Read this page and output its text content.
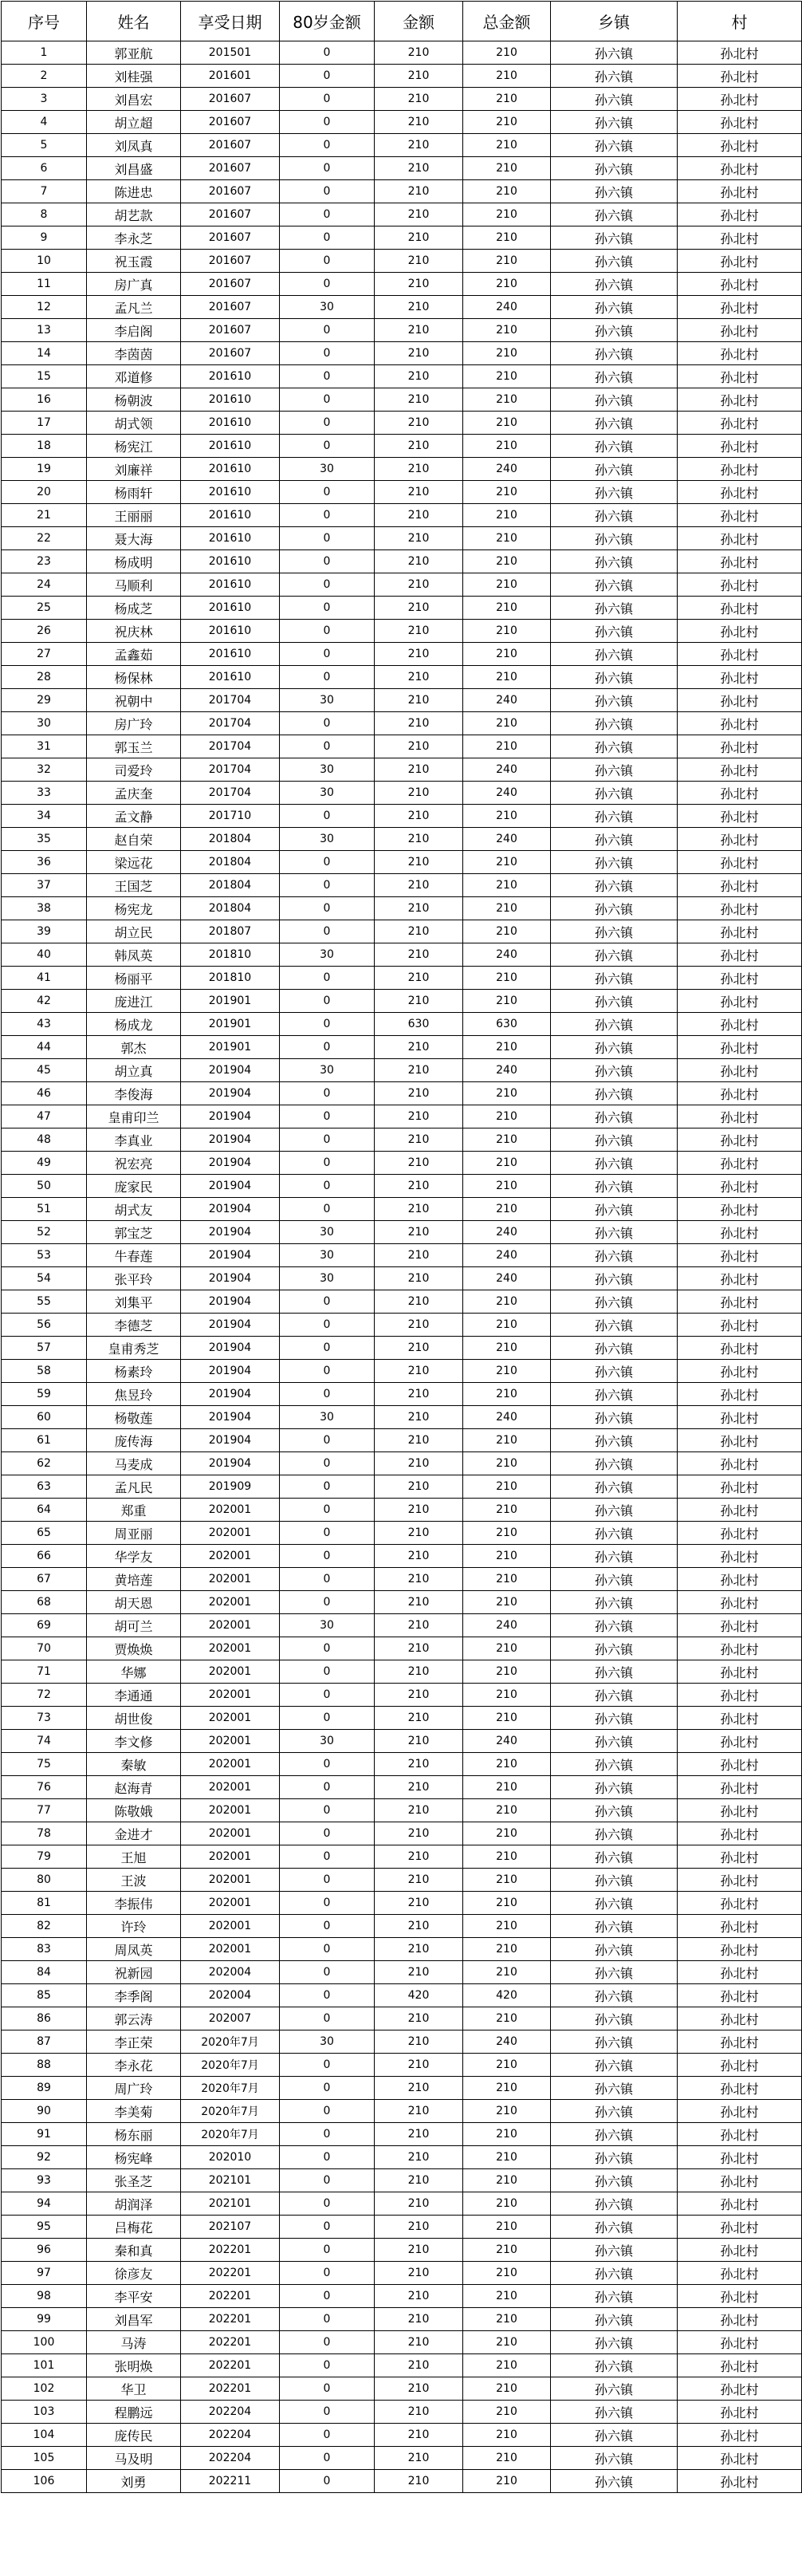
序号	姓名	享受日期	80岁金额	金额	总金额	乡镇	村
1	郭亚航	201501	0	210	210	孙六镇	孙北村
2	刘桂强	201601	0	210	210	孙六镇	孙北村
3	刘昌宏	201607	0	210	210	孙六镇	孙北村
4	胡立超	201607	0	210	210	孙六镇	孙北村
5	刘凤真	201607	0	210	210	孙六镇	孙北村
6	刘昌盛	201607	0	210	210	孙六镇	孙北村
7	陈进忠	201607	0	210	210	孙六镇	孙北村
8	胡艺款	201607	0	210	210	孙六镇	孙北村
9	李永芝	201607	0	210	210	孙六镇	孙北村
10	祝玉霞	201607	0	210	210	孙六镇	孙北村
11	房广真	201607	0	210	210	孙六镇	孙北村
12	孟凡兰	201607	30	210	240	孙六镇	孙北村
13	李启阁	201607	0	210	210	孙六镇	孙北村
14	李茵茵	201607	0	210	210	孙六镇	孙北村
15	邓道修	201610	0	210	210	孙六镇	孙北村
16	杨朝波	201610	0	210	210	孙六镇	孙北村
17	胡式领	201610	0	210	210	孙六镇	孙北村
18	杨宪江	201610	0	210	210	孙六镇	孙北村
19	刘廉祥	201610	30	210	240	孙六镇	孙北村
20	杨雨轩	201610	0	210	210	孙六镇	孙北村
21	王丽丽	201610	0	210	210	孙六镇	孙北村
22	聂大海	201610	0	210	210	孙六镇	孙北村
23	杨成明	201610	0	210	210	孙六镇	孙北村
24	马顺利	201610	0	210	210	孙六镇	孙北村
25	杨成芝	201610	0	210	210	孙六镇	孙北村
26	祝庆林	201610	0	210	210	孙六镇	孙北村
27	孟鑫茹	201610	0	210	210	孙六镇	孙北村
28	杨保林	201610	0	210	210	孙六镇	孙北村
29	祝朝中	201704	30	210	240	孙六镇	孙北村
30	房广玲	201704	0	210	210	孙六镇	孙北村
31	郭玉兰	201704	0	210	210	孙六镇	孙北村
32	司爱玲	201704	30	210	240	孙六镇	孙北村
33	孟庆奎	201704	30	210	240	孙六镇	孙北村
34	孟文静	201710	0	210	210	孙六镇	孙北村
35	赵自荣	201804	30	210	240	孙六镇	孙北村
36	梁远花	201804	0	210	210	孙六镇	孙北村
37	王国芝	201804	0	210	210	孙六镇	孙北村
38	杨宪龙	201804	0	210	210	孙六镇	孙北村
39	胡立民	201807	0	210	210	孙六镇	孙北村
40	韩凤英	201810	30	210	240	孙六镇	孙北村
41	杨丽平	201810	0	210	210	孙六镇	孙北村
42	庞进江	201901	0	210	210	孙六镇	孙北村
43	杨成龙	201901	0	630	630	孙六镇	孙北村
44	郭杰	201901	0	210	210	孙六镇	孙北村
45	胡立真	201904	30	210	240	孙六镇	孙北村
46	李俊海	201904	0	210	210	孙六镇	孙北村
47	皇甫印兰	201904	0	210	210	孙六镇	孙北村
48	李真业	201904	0	210	210	孙六镇	孙北村
49	祝宏亮	201904	0	210	210	孙六镇	孙北村
50	庞家民	201904	0	210	210	孙六镇	孙北村
51	胡式友	201904	0	210	210	孙六镇	孙北村
52	郭宝芝	201904	30	210	240	孙六镇	孙北村
53	牛春莲	201904	30	210	240	孙六镇	孙北村
54	张平玲	201904	30	210	240	孙六镇	孙北村
55	刘集平	201904	0	210	210	孙六镇	孙北村
56	李德芝	201904	0	210	210	孙六镇	孙北村
57	皇甫秀芝	201904	0	210	210	孙六镇	孙北村
58	杨素玲	201904	0	210	210	孙六镇	孙北村
59	焦昱玲	201904	0	210	210	孙六镇	孙北村
60	杨敬莲	201904	30	210	240	孙六镇	孙北村
61	庞传海	201904	0	210	210	孙六镇	孙北村
62	马麦成	201904	0	210	210	孙六镇	孙北村
63	孟凡民	201909	0	210	210	孙六镇	孙北村
64	郑重	202001	0	210	210	孙六镇	孙北村
65	周亚丽	202001	0	210	210	孙六镇	孙北村
66	华学友	202001	0	210	210	孙六镇	孙北村
67	黄培莲	202001	0	210	210	孙六镇	孙北村
68	胡天恩	202001	0	210	210	孙六镇	孙北村
69	胡可兰	202001	30	210	240	孙六镇	孙北村
70	贾焕焕	202001	0	210	210	孙六镇	孙北村
71	华娜	202001	0	210	210	孙六镇	孙北村
72	李通通	202001	0	210	210	孙六镇	孙北村
73	胡世俊	202001	0	210	210	孙六镇	孙北村
74	李文修	202001	30	210	240	孙六镇	孙北村
75	秦敏	202001	0	210	210	孙六镇	孙北村
76	赵海青	202001	0	210	210	孙六镇	孙北村
77	陈敬娥	202001	0	210	210	孙六镇	孙北村
78	金进才	202001	0	210	210	孙六镇	孙北村
79	王旭	202001	0	210	210	孙六镇	孙北村
80	王波	202001	0	210	210	孙六镇	孙北村
81	李振伟	202001	0	210	210	孙六镇	孙北村
82	许玲	202001	0	210	210	孙六镇	孙北村
83	周凤英	202001	0	210	210	孙六镇	孙北村
84	祝新园	202004	0	210	210	孙六镇	孙北村
85	李季阁	202004	0	420	420	孙六镇	孙北村
86	郭云涛	202007	0	210	210	孙六镇	孙北村
87	李正荣	2020年7月	30	210	240	孙六镇	孙北村
88	李永花	2020年7月	0	210	210	孙六镇	孙北村
89	周广玲	2020年7月	0	210	210	孙六镇	孙北村
90	李美菊	2020年7月	0	210	210	孙六镇	孙北村
91	杨东丽	2020年7月	0	210	210	孙六镇	孙北村
92	杨宪峰	202010	0	210	210	孙六镇	孙北村
93	张圣芝	202101	0	210	210	孙六镇	孙北村
94	胡润泽	202101	0	210	210	孙六镇	孙北村
95	吕梅花	202107	0	210	210	孙六镇	孙北村
96	秦和真	202201	0	210	210	孙六镇	孙北村
97	徐彦友	202201	0	210	210	孙六镇	孙北村
98	李平安	202201	0	210	210	孙六镇	孙北村
99	刘昌军	202201	0	210	210	孙六镇	孙北村
100	马涛	202201	0	210	210	孙六镇	孙北村
101	张明焕	202201	0	210	210	孙六镇	孙北村
102	华卫	202201	0	210	210	孙六镇	孙北村
103	程鹏远	202204	0	210	210	孙六镇	孙北村
104	庞传民	202204	0	210	210	孙六镇	孙北村
105	马及明	202204	0	210	210	孙六镇	孙北村
106	刘勇	202211	0	210	210	孙六镇	孙北村
